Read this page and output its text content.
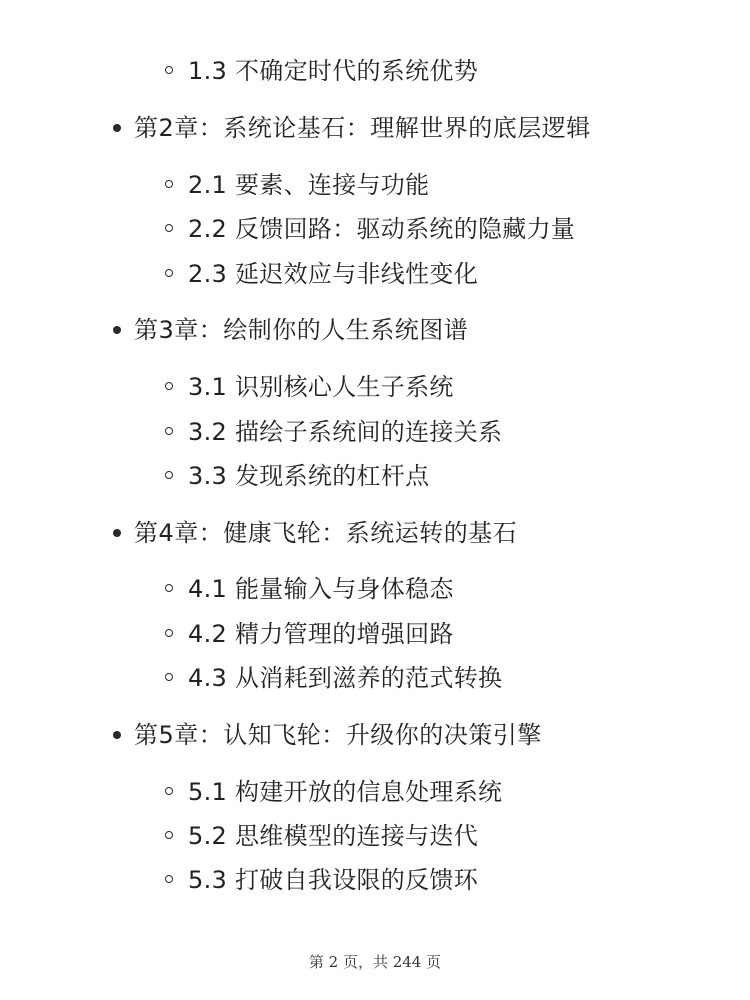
1.3 不确定时代的系统优势
第2章：系统论基石：理解世界的底层逻辑
2.1 要素、连接与功能
2.2 反馈回路：驱动系统的隐藏力量
2.3 延迟效应与非线性变化
第3章：绘制你的人生系统图谱
3.1 识别核心人生子系统
3.2 描绘子系统间的连接关系
3.3 发现系统的杠杆点
第4章：健康飞轮：系统运转的基石
4.1 能量输入与身体稳态
4.2 精力管理的增强回路
4.3 从消耗到滋养的范式转换
第5章：认知飞轮：升级你的决策引擎
5.1 构建开放的信息处理系统
5.2 思维模型的连接与迭代
5.3 打破自我设限的反馈环
第 2 页，共 244 页
